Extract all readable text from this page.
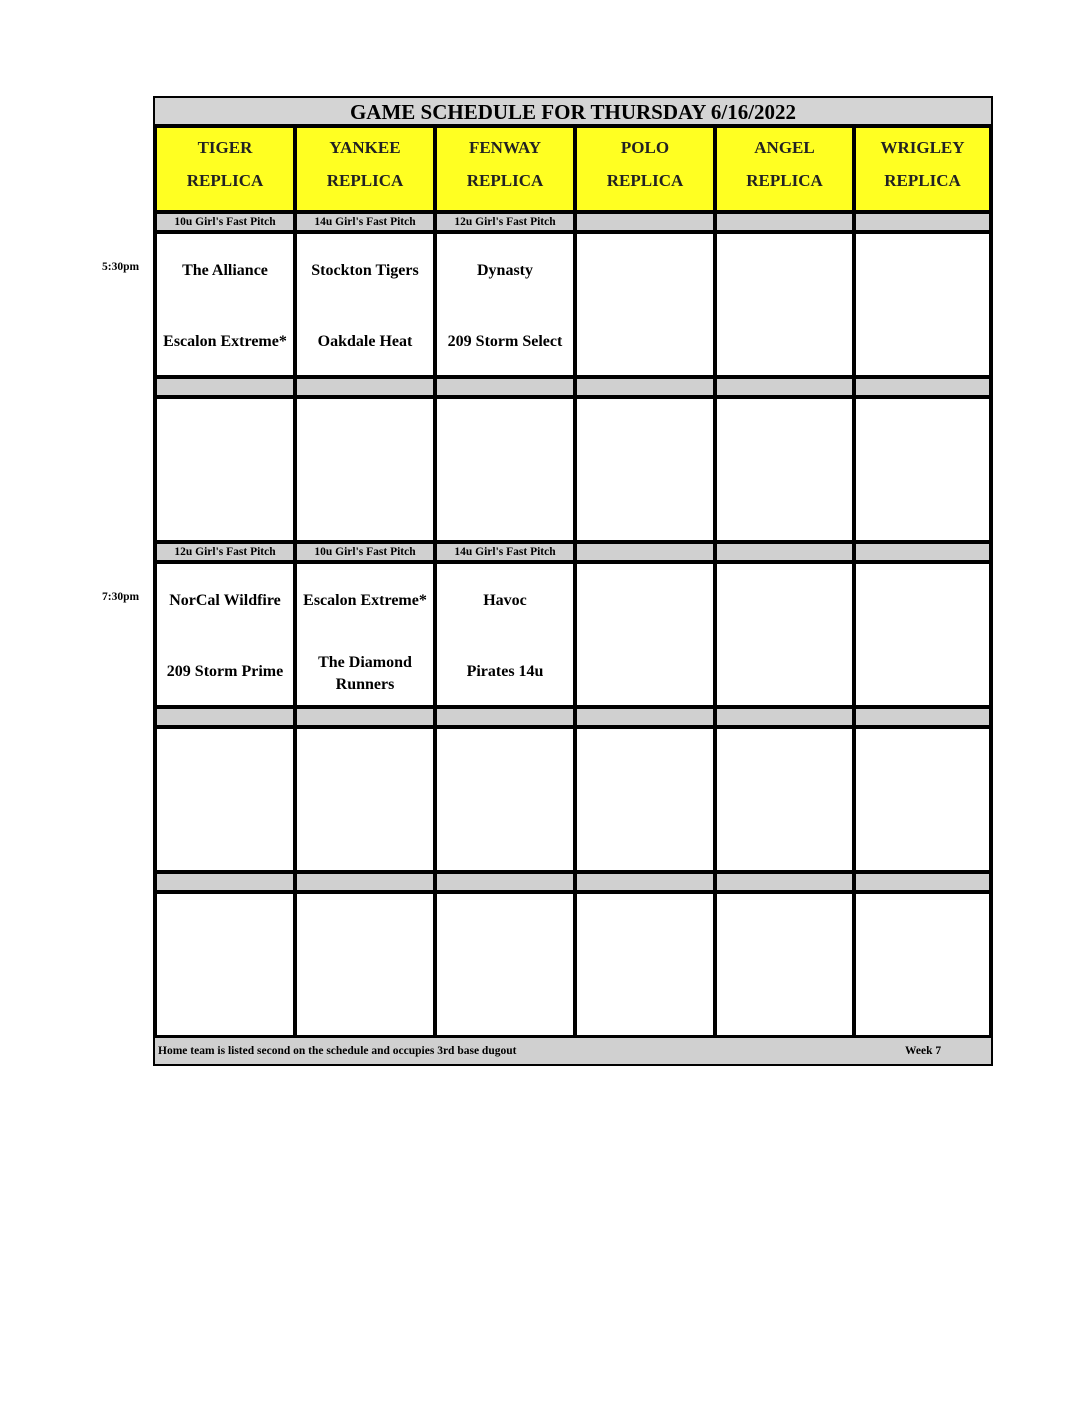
5:30pm
7:30pm
GAME SCHEDULE FOR THURSDAY 6/16/2022
Home team is listed second on the schedule and occupies 3rd base dugout	Week 7
TIGER
REPLICA
YANKEE
REPLICA
FENWAY
REPLICA
POLO
REPLICA
ANGEL
REPLICA
WRIGLEY
REPLICA
10u Girl's Fast Pitch
The Alliance
Escalon Extreme*
14u Girl's Fast Pitch
Stockton Tigers
Oakdale Heat
12u Girl's Fast Pitch
Dynasty
209 Storm Select
12u Girl's Fast Pitch
NorCal Wildfire
209 Storm Prime
10u Girl's Fast Pitch
Escalon Extreme*
The Diamond Runners
14u Girl's Fast Pitch
Havoc
Pirates 14u
